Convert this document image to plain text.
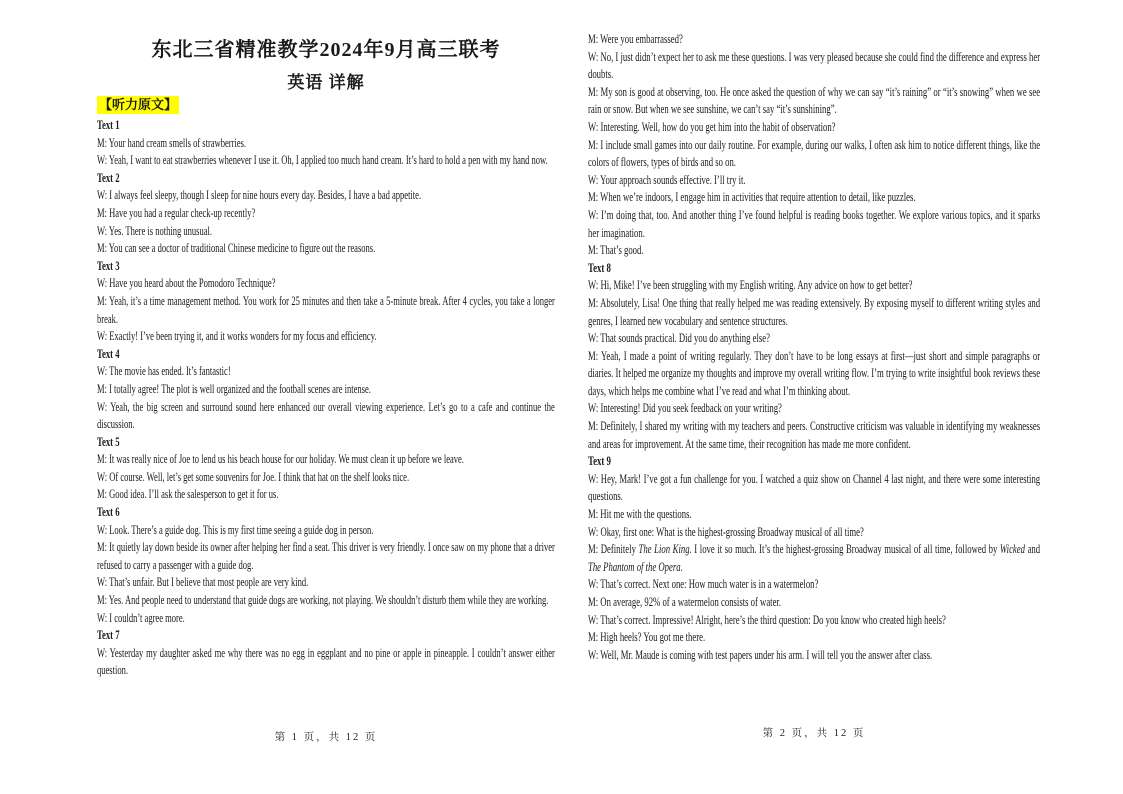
东北三省精准教学2024年9月高三联考
英语 详解
【听力原文】
Text 1

M: Your hand cream smells of strawberries.

W: Yeah, I want to eat strawberries whenever I use it. Oh, I applied too much hand cream. It’s hard to hold a pen with my hand now.

Text 2

W: I always feel sleepy, though I sleep for nine hours every day. Besides, I have a bad appetite.

M: Have you had a regular check-up recently?

W: Yes. There is nothing unusual.

M: You can see a doctor of traditional Chinese medicine to figure out the reasons.

Text 3

W: Have you heard about the Pomodoro Technique?

M: Yeah, it’s a time management method. You work for 25 minutes and then take a 5-minute break. After 4 cycles, you take a longer break.

W: Exactly! I’ve been trying it, and it works wonders for my focus and efficiency.

Text 4

W: The movie has ended. It’s fantastic!

M: I totally agree! The plot is well organized and the football scenes are intense.

W: Yeah, the big screen and surround sound here enhanced our overall viewing experience. Let’s go to a cafe and continue the discussion.

Text 5

M: It was really nice of Joe to lend us his beach house for our holiday. We must clean it up before we leave.

W: Of course. Well, let’s get some souvenirs for Joe. I think that hat on the shelf looks nice.

M: Good idea. I’ll ask the salesperson to get it for us.

Text 6

W: Look. There’s a guide dog. This is my first time seeing a guide dog in person.

M: It quietly lay down beside its owner after helping her find a seat. This driver is very friendly. I once saw on my phone that a driver refused to carry a passenger with a guide dog.

W: That’s unfair. But I believe that most people are very kind.

M: Yes. And people need to understand that guide dogs are working, not playing. We shouldn’t disturb them while they are working.

W: I couldn’t agree more.

Text 7

W: Yesterday my daughter asked me why there was no egg in eggplant and no pine or apple in pineapple. I couldn’t answer either question.

M: Were you embarrassed?

W: No, I just didn’t expect her to ask me these questions. I was very pleased because she could find the difference and express her doubts.

M: My son is good at observing, too. He once asked the question of why we can say “it’s raining” or “it’s snowing” when we see rain or snow. But when we see sunshine, we can’t say “it’s sunshining”.

W: Interesting. Well, how do you get him into the habit of observation?

M: I include small games into our daily routine. For example, during our walks, I often ask him to notice different things, like the colors of flowers, types of birds and so on.

W: Your approach sounds effective. I’ll try it.

M: When we’re indoors, I engage him in activities that require attention to detail, like puzzles.

W: I’m doing that, too. And another thing I’ve found helpful is reading books together. We explore various topics, and it sparks her imagination.

M: That’s good.

Text 8

W: Hi, Mike! I’ve been struggling with my English writing. Any advice on how to get better?

M: Absolutely, Lisa! One thing that really helped me was reading extensively. By exposing myself to different writing styles and genres, I learned new vocabulary and sentence structures.

W: That sounds practical. Did you do anything else?

M: Yeah, I made a point of writing regularly. They don’t have to be long essays at first—just short and simple paragraphs or diaries. It helped me organize my thoughts and improve my overall writing flow. I’m trying to write insightful book reviews these days, which helps me combine what I’ve read and what I’m thinking about.

W: Interesting! Did you seek feedback on your writing?

M: Definitely, I shared my writing with my teachers and peers. Constructive criticism was valuable in identifying my weaknesses and areas for improvement. At the same time, their recognition has made me more confident.

Text 9

W: Hey, Mark! I’ve got a fun challenge for you. I watched a quiz show on Channel 4 last night, and there were some interesting questions.

M: Hit me with the questions.

W: Okay, first one: What is the highest-grossing Broadway musical of all time?

M: Definitely The Lion King. I love it so much. It’s the highest-grossing Broadway musical of all time, followed by Wicked and The Phantom of the Opera.

W: That’s correct. Next one: How much water is in a watermelon?

M: On average, 92% of a watermelon consists of water.

W: That’s correct. Impressive! Alright, here’s the third question: Do you know who created high heels?

M: High heels? You got me there.

W: Well, Mr. Maude is coming with test papers under his arm. I will tell you the answer after class.

第 1 页，共 12 页	第 2 页，共 12 页
